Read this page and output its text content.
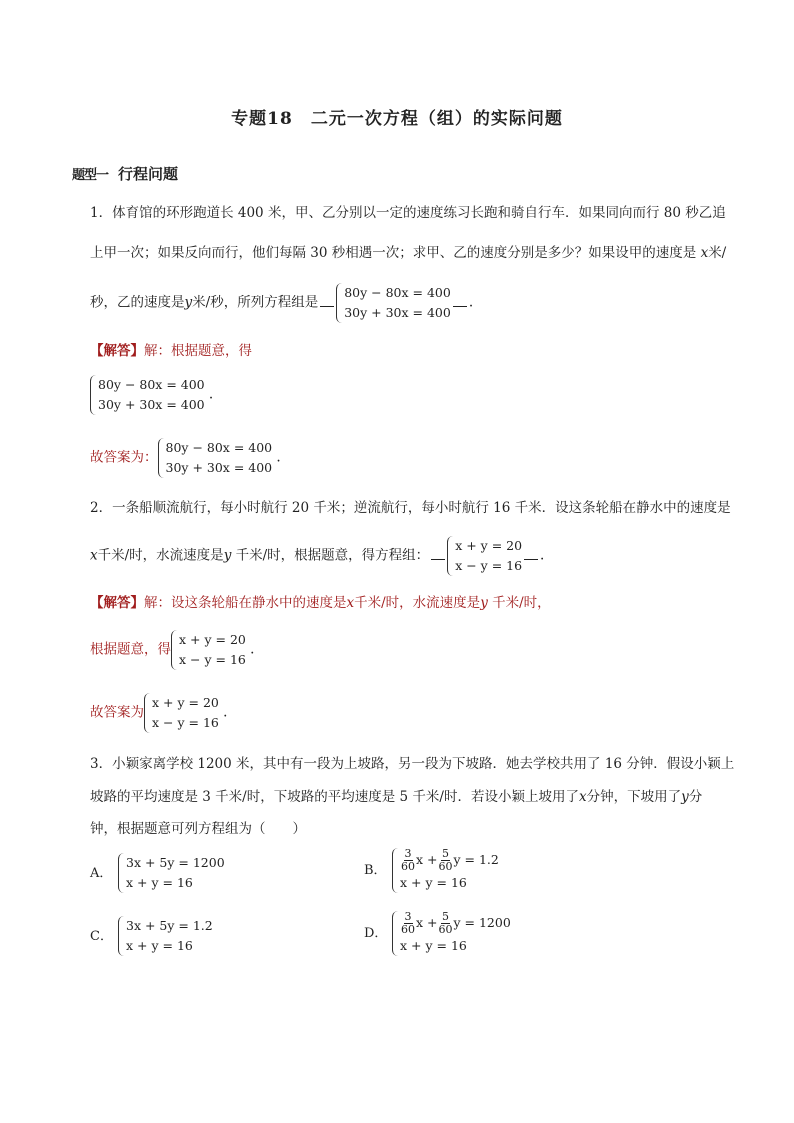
专题18　二元一次方程（组）的实际问题
题型一 行程问题
1．体育馆的环形跑道长 400 米，甲、乙分别以一定的速度练习长跑和骑自行车．如果同向而行 80 秒乙追
上甲一次；如果反向而行，他们每隔 30 秒相遇一次；求甲、乙的速度分别是多少？如果设甲的速度是 x米/
秒，乙的速度是y米/秒，所列方程组是
80y − 80x = 400
30y + 30x = 400
.
【解答】解：根据题意，得
80y − 80x = 400
30y + 30x = 400
.
故答案为：
80y − 80x = 400
30y + 30x = 400
.
2．一条船顺流航行，每小时航行 20 千米；逆流航行，每小时航行 16 千米．设这条轮船在静水中的速度是
x千米/时，水流速度是y 千米/时，根据题意，得方程组：
x + y = 20
x − y = 16
.
【解答】解：设这条轮船在静水中的速度是x千米/时，水流速度是y 千米/时，
根据题意，得
x + y = 20
x − y = 16
.
故答案为
x + y = 20
x − y = 16
.
3．小颖家离学校 1200 米，其中有一段为上坡路，另一段为下坡路．她去学校共用了 16 分钟．假设小颖上
坡路的平均速度是 3 千米/时，下坡路的平均速度是 5 千米/时．若设小颖上坡用了x分钟，下坡用了y分
钟，根据题意可列方程组为（　　）
A．
3x + 5y = 1200
x + y = 16
B． $\frac{3}{60}$ $x + \frac{5}{60}$ y = 1.2
x + y = 16
C．
3x + 5y = 1.2
x + y = 16
D． $\frac{3}{60}$ $x + \frac{5}{60}$ y = 1200
x + y = 16
